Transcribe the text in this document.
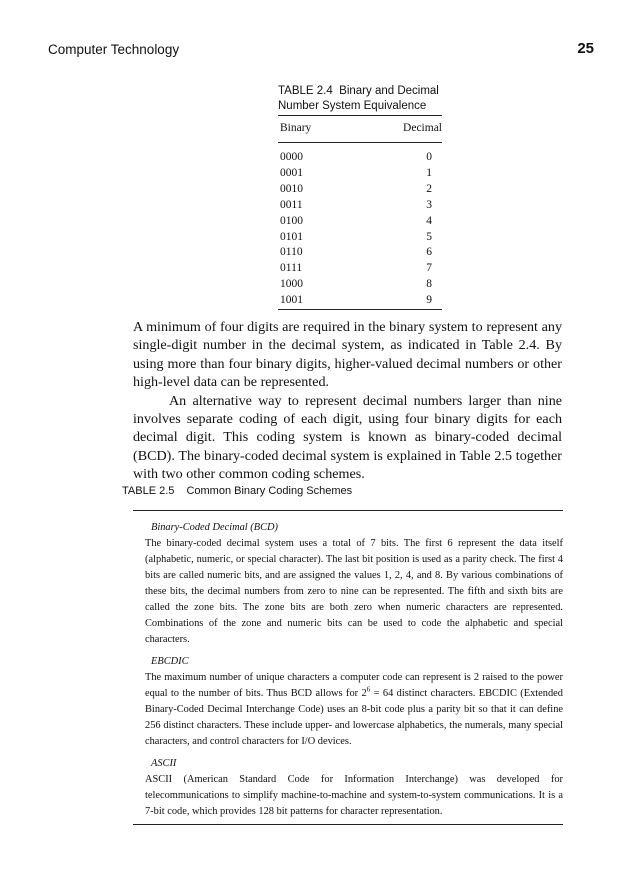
Computer Technology	25
TABLE 2.4 Binary and Decimal
Number System Equivalence
Binary	Decimal
0000	0
0001	1
0010	2
0011	3
0100	4
0101	5
0110	6
0111	7
1000	8
1001	9

A minimum of four digits are required in the binary system to represent any single-digit number in the decimal system, as indicated in Table 2.4. By using more than four binary digits, higher-valued decimal numbers or other high-level data can be represented.

An alternative way to represent decimal numbers larger than nine involves separate coding of each digit, using four binary digits for each decimal digit. This coding system is known as binary-coded decimal (BCD). The binary-coded decimal system is explained in Table 2.5 together with two other common coding schemes.

TABLE 2.5 Common Binary Coding Schemes
Binary-Coded Decimal (BCD)

The binary-coded decimal system uses a total of 7 bits. The first 6 represent the data itself (alphabetic, numeric, or special character). The last bit position is used as a parity check. The first 4 bits are called numeric bits, and are assigned the values 1, 2, 4, and 8. By various combinations of these bits, the decimal numbers from zero to nine can be represented. The fifth and sixth bits are called the zone bits. The zone bits are both zero when numeric characters are represented. Combinations of the zone and numeric bits can be used to code the alphabetic and special characters.

EBCDIC

The maximum number of unique characters a computer code can represent is 2 raised to the power equal to the number of bits. Thus BCD allows for $2^6 = 64$ distinct characters. EBCDIC (Extended Binary-Coded Decimal Interchange Code) uses an 8-bit code plus a parity bit so that it can define 256 distinct characters. These include upper- and lowercase alphabetics, the numerals, many special characters, and control characters for I/O devices.

ASCII

ASCII (American Standard Code for Information Interchange) was developed for telecommunications to simplify machine-to-machine and system-to-system communications. It is a 7-bit code, which provides 128 bit patterns for character representation.
